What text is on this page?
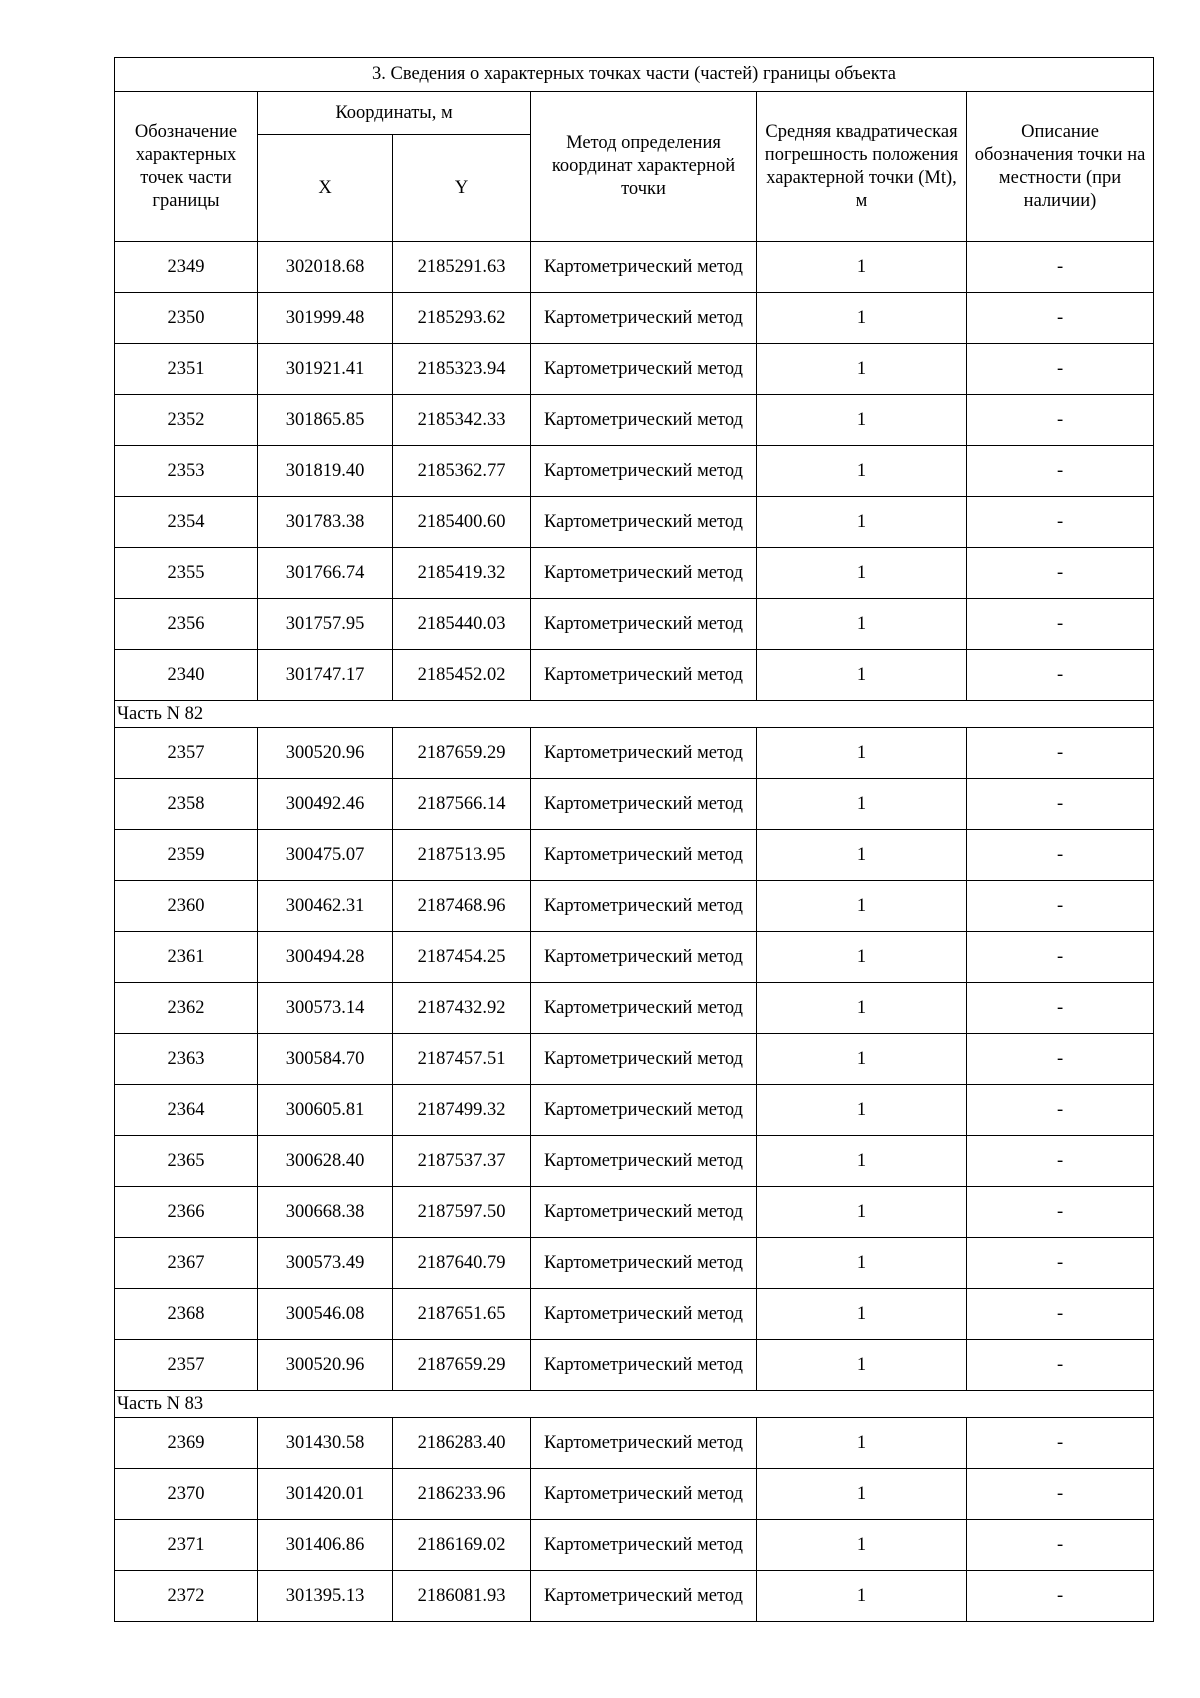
3. Сведения о характерных точках части (частей) границы объекта					
Обозначение характерных точек части границы	Координаты, м		Метод определения координат характерной точки	Средняя квадратическая погрешность положения характерной точки (Mt), м	Описание обозначения точки на местности (при наличии)
	X	Y			
2349	302018.68	2185291.63	Картометрический метод	1	-
2350	301999.48	2185293.62	Картометрический метод	1	-
2351	301921.41	2185323.94	Картометрический метод	1	-
2352	301865.85	2185342.33	Картометрический метод	1	-
2353	301819.40	2185362.77	Картометрический метод	1	-
2354	301783.38	2185400.60	Картометрический метод	1	-
2355	301766.74	2185419.32	Картометрический метод	1	-
2356	301757.95	2185440.03	Картометрический метод	1	-
2340	301747.17	2185452.02	Картометрический метод	1	-
Часть N 82					
2357	300520.96	2187659.29	Картометрический метод	1	-
2358	300492.46	2187566.14	Картометрический метод	1	-
2359	300475.07	2187513.95	Картометрический метод	1	-
2360	300462.31	2187468.96	Картометрический метод	1	-
2361	300494.28	2187454.25	Картометрический метод	1	-
2362	300573.14	2187432.92	Картометрический метод	1	-
2363	300584.70	2187457.51	Картометрический метод	1	-
2364	300605.81	2187499.32	Картометрический метод	1	-
2365	300628.40	2187537.37	Картометрический метод	1	-
2366	300668.38	2187597.50	Картометрический метод	1	-
2367	300573.49	2187640.79	Картометрический метод	1	-
2368	300546.08	2187651.65	Картометрический метод	1	-
2357	300520.96	2187659.29	Картометрический метод	1	-
Часть N 83					
2369	301430.58	2186283.40	Картометрический метод	1	-
2370	301420.01	2186233.96	Картометрический метод	1	-
2371	301406.86	2186169.02	Картометрический метод	1	-
2372	301395.13	2186081.93	Картометрический метод	1	-
